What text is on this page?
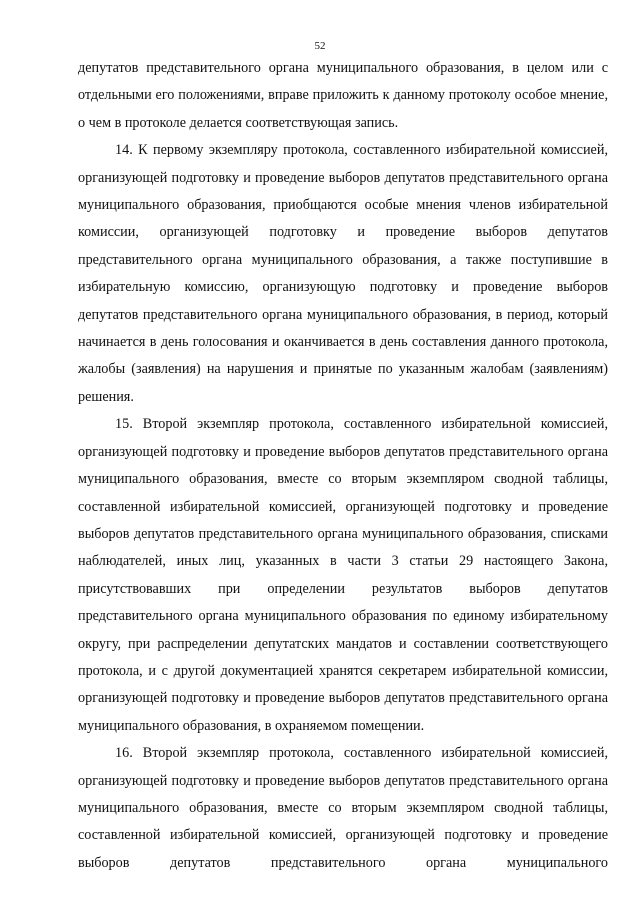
52

депутатов представительного органа муниципального образования, в целом или с отдельными его положениями, вправе приложить к данному протоколу особое мнение, о чем в протоколе делается соответствующая запись.

14. К первому экземпляру протокола, составленного избирательной комиссией, организующей подготовку и проведение выборов депутатов представительного органа муниципального образования, приобщаются особые мнения членов избирательной комиссии, организующей подготовку и проведение выборов депутатов представительного органа муниципального образования, а также поступившие в избирательную комиссию, организующую подготовку и проведение выборов депутатов представительного органа муниципального образования, в период, который начинается в день голосования и оканчивается в день составления данного протокола, жалобы (заявления) на нарушения и принятые по указанным жалобам (заявлениям) решения.

15. Второй экземпляр протокола, составленного избирательной комиссией, организующей подготовку и проведение выборов депутатов представительного органа муниципального образования, вместе со вторым экземпляром сводной таблицы, составленной избирательной комиссией, организующей подготовку и проведение выборов депутатов представительного органа муниципального образования, списками наблюдателей, иных лиц, указанных в части 3 статьи 29 настоящего Закона, присутствовавших при определении результатов выборов депутатов представительного органа муниципального образования по единому избирательному округу, при распределении депутатских мандатов и составлении соответствующего протокола, и с другой документацией хранятся секретарем избирательной комиссии, организующей подготовку и проведение выборов депутатов представительного органа муниципального образования, в охраняемом помещении.

16. Второй экземпляр протокола, составленного избирательной комиссией, организующей подготовку и проведение выборов депутатов представительного органа муниципального образования, вместе со вторым экземпляром сводной таблицы, составленной избирательной комиссией, организующей подготовку и проведение выборов депутатов представительного органа муниципального
